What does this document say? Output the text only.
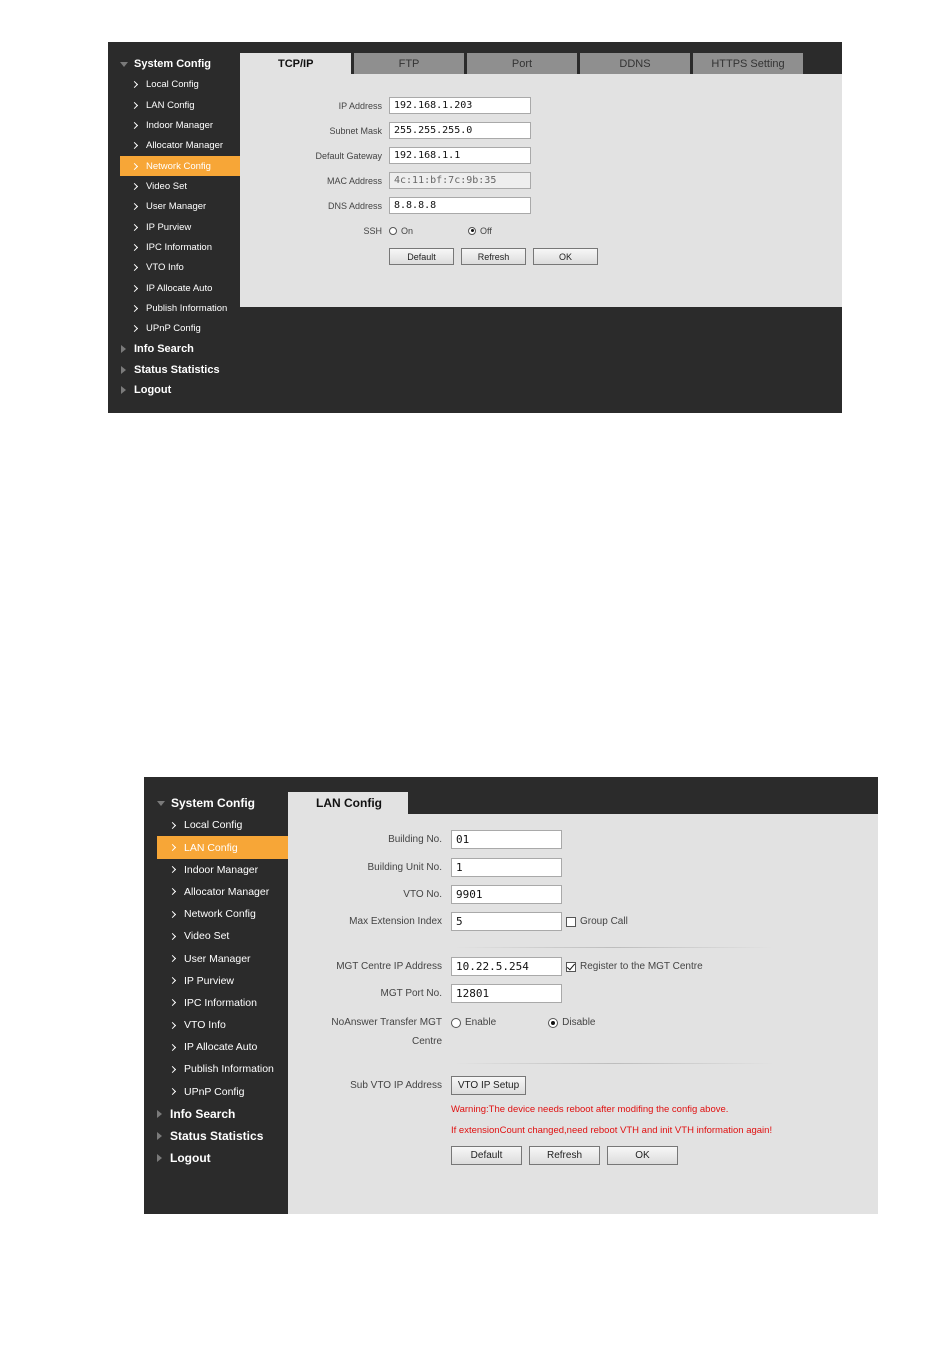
System Config
Local Config
LAN Config
Indoor Manager
Allocator Manager
Network Config
Video Set
User Manager
IP Purview
IPC Information
VTO Info
IP Allocate Auto
Publish Information
UPnP Config
Info Search
Status Statistics
Logout
TCP/IP	FTP	Port	DDNS	HTTPS Setting
IP Address
192.168.1.203
Subnet Mask
255.255.255.0
Default Gateway
192.168.1.1
MAC Address
4c:11:bf:7c:9b:35
DNS Address
8.8.8.8
SSH On	Off
Default	Refresh	OK
System Config
Local Config
LAN Config
Indoor Manager
Allocator Manager
Network Config
Video Set
User Manager
IP Purview
IPC Information
VTO Info
IP Allocate Auto
Publish Information
UPnP Config
Info Search
Status Statistics
Logout
LAN Config
Building No.
01
Building Unit No.
1
VTO No.
9901
Max Extension Index
5	Group Call
MGT Centre IP Address
10.22.5.254	Register to the MGT Centre
MGT Port No.
12801
NoAnswer Transfer MGT
Centre
Enable	Disable
Sub VTO IP Address	VTO IP Setup
Warning:The device needs reboot after modifing the config above.
If extensionCount changed,need reboot VTH and init VTH information again!
Default	Refresh	OK
